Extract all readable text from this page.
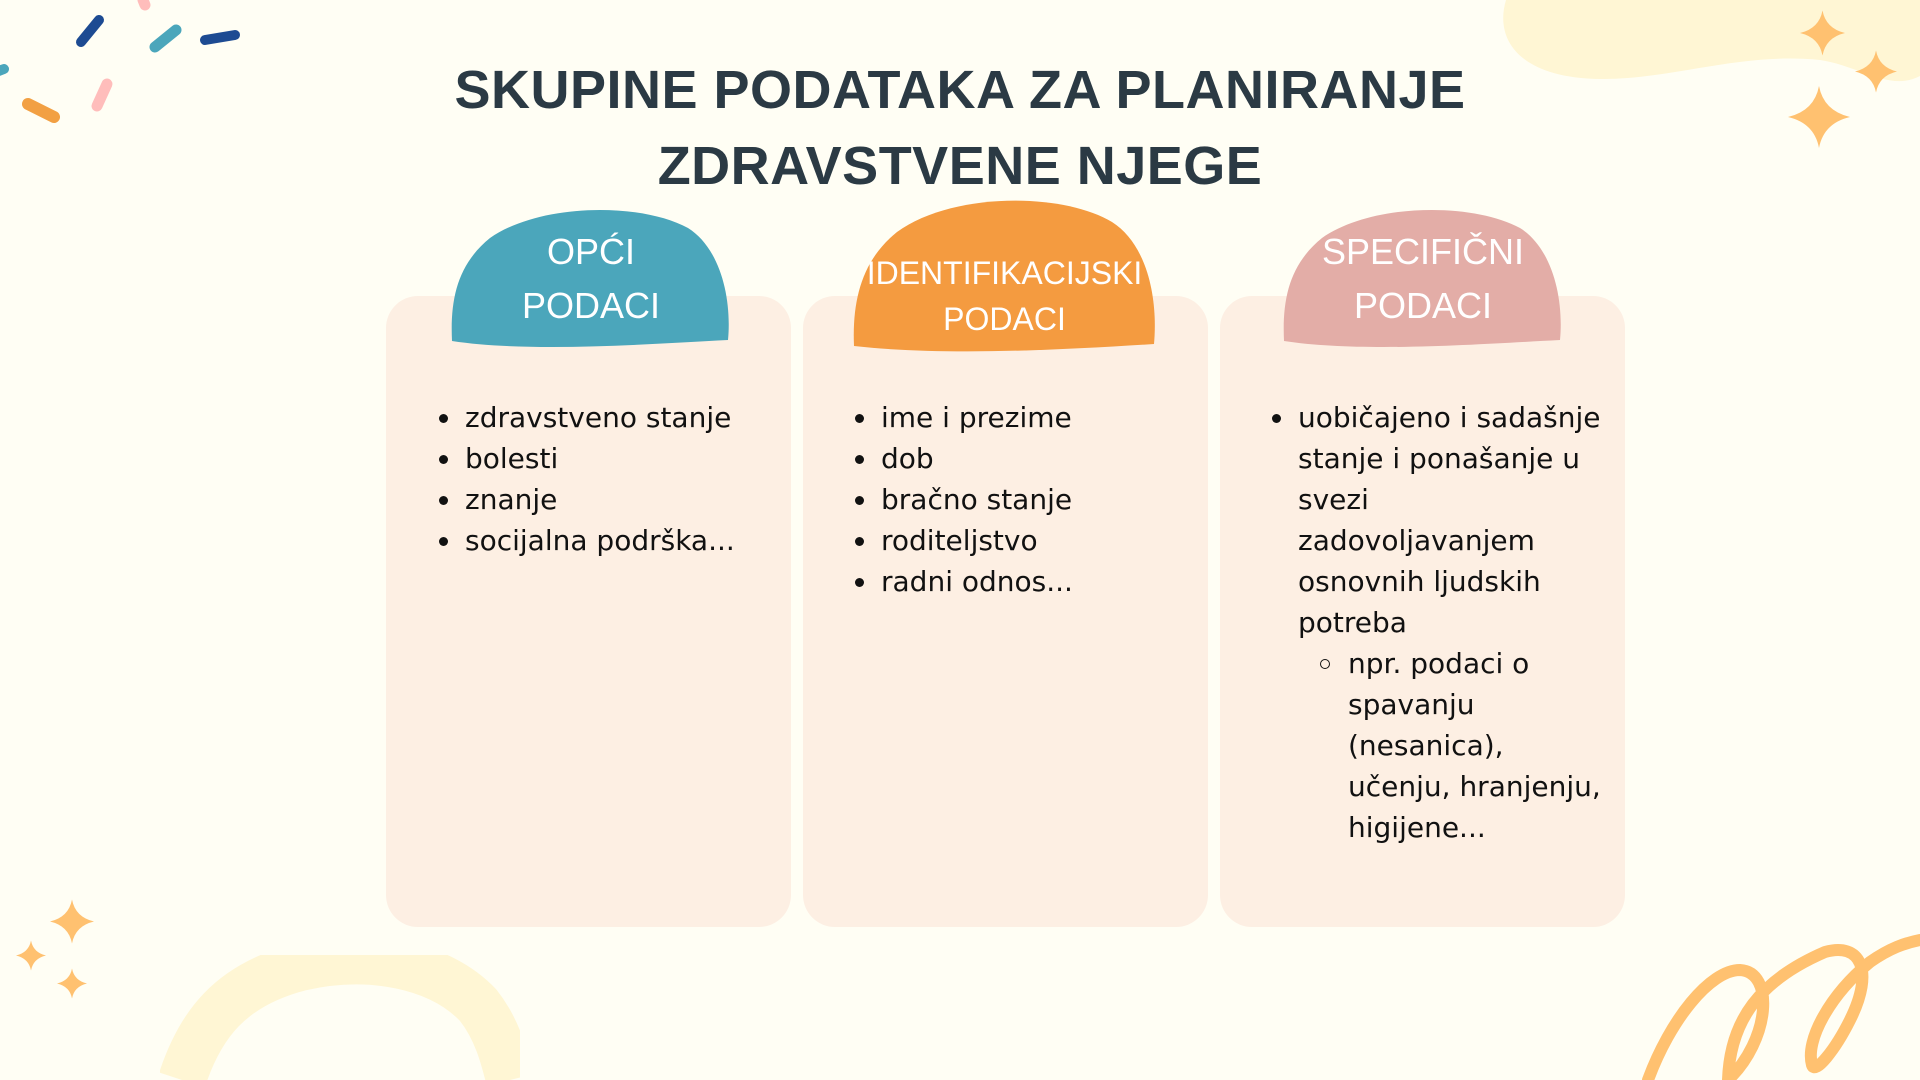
SKUPINE PODATAKA ZA PLANIRANJE
ZDRAVSTVENE NJEGE
OPĆI
PODACI
IDENTIFIKACIJSKI
PODACI
SPECIFIČNI
PODACI
zdravstveno stanje
bolesti
znanje
socijalna podrška...
ime i prezime
dob
bračno stanje
roditeljstvo
radni odnos...
uobičajeno i sadašnje
stanje i ponašanje u
svezi
zadovoljavanjem
osnovnih ljudskih
potreba
npr. podaci o
spavanju
(nesanica),
učenju, hranjenju,
higijene...
